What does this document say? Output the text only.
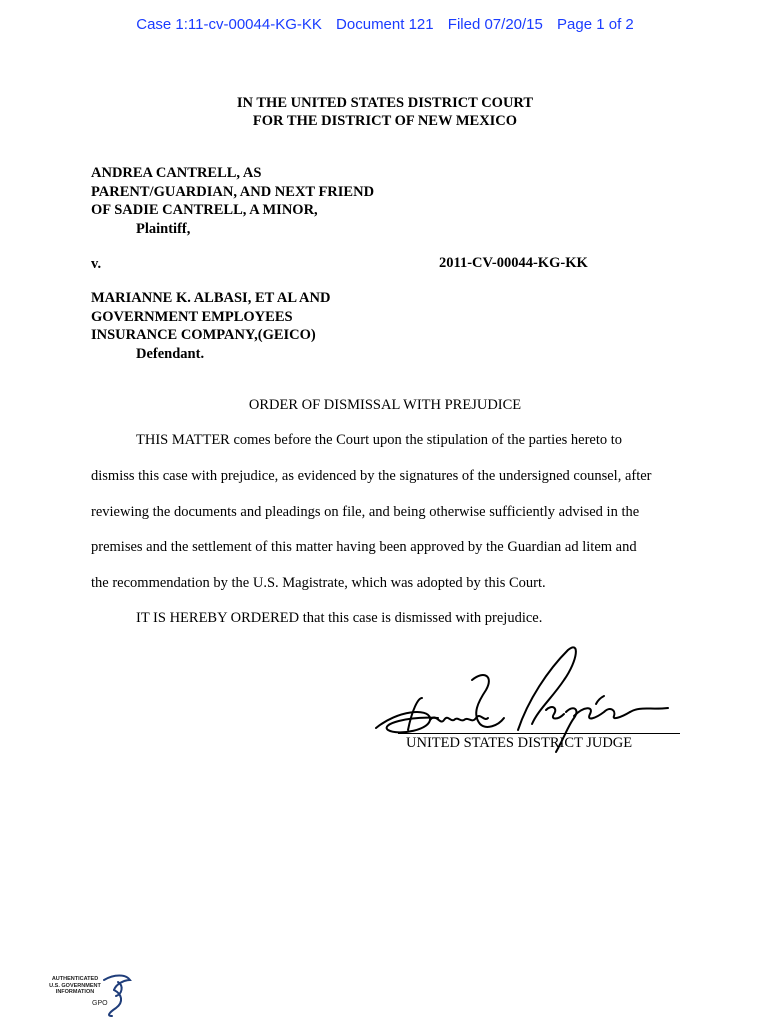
Case 1:11-cv-00044-KG-KK Document 121 Filed 07/20/15 Page 1 of 2
IN THE UNITED STATES DISTRICT COURT
FOR THE DISTRICT OF NEW MEXICO
ANDREA CANTRELL, AS
PARENT/GUARDIAN, AND NEXT FRIEND
OF SADIE CANTRELL, A MINOR,
Plaintiff,
v.	2011-CV-00044-KG-KK
MARIANNE K. ALBASI, ET AL AND
GOVERNMENT EMPLOYEES
INSURANCE COMPANY,(GEICO)
Defendant.
ORDER OF DISMISSAL WITH PREJUDICE
THIS MATTER comes before the Court upon the stipulation of the parties hereto to
dismiss this case with prejudice, as evidenced by the signatures of the undersigned counsel, after
reviewing the documents and pleadings on file, and being otherwise sufficiently advised in the
premises and the settlement of this matter having been approved by the Guardian ad litem and
the recommendation by the U.S. Magistrate, which was adopted by this Court.
IT IS HEREBY ORDERED that this case is dismissed with prejudice.
UNITED STATES DISTRICT JUDGE
AUTHENTICATED
U.S. GOVERNMENT
INFORMATION
GPO
